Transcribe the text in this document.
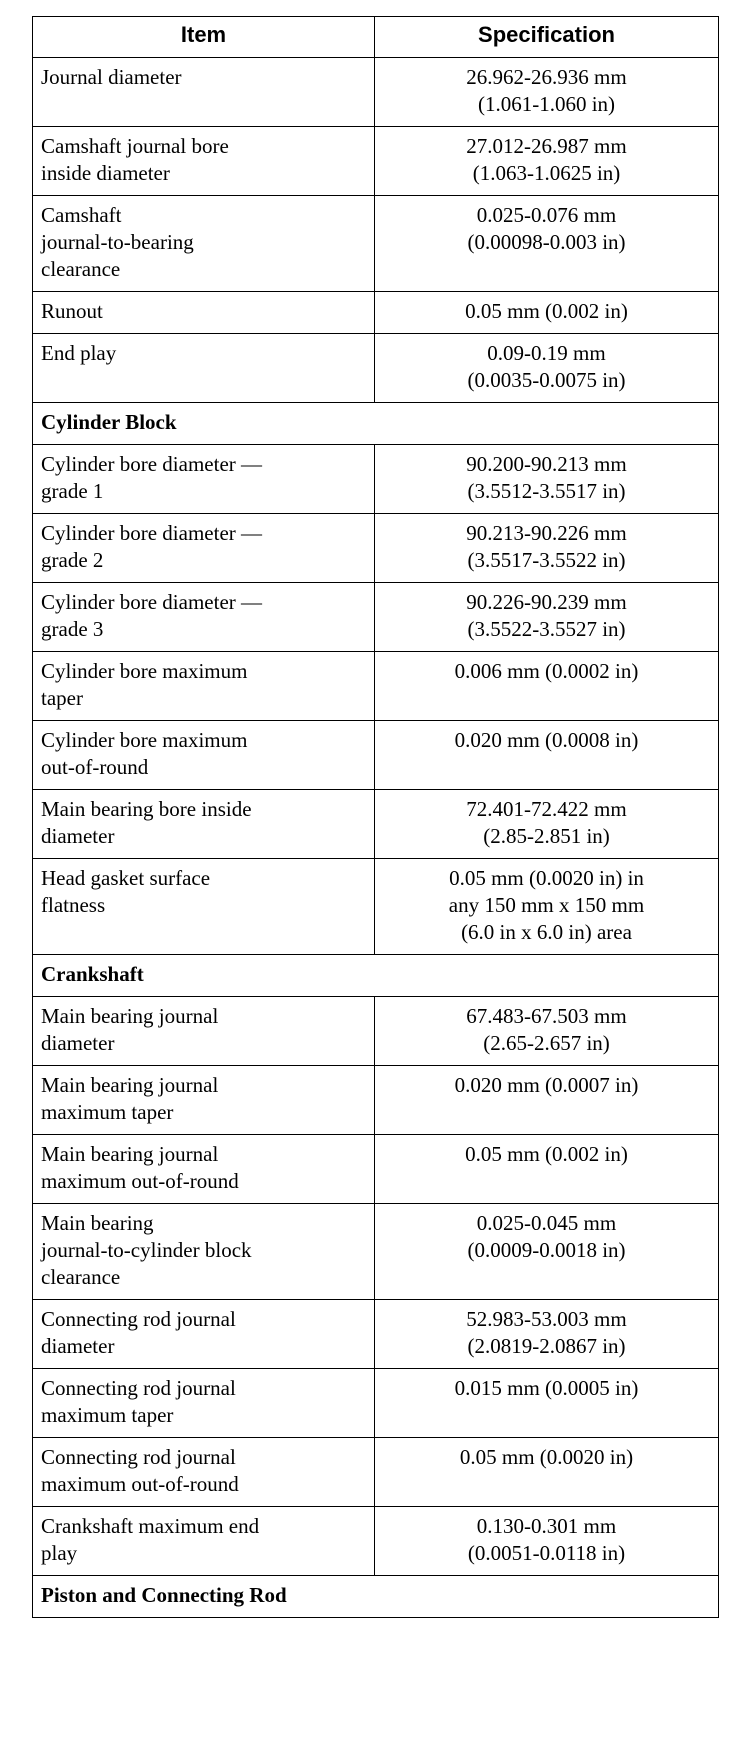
Item	Specification

Journal diameter	26.962-26.936 mm
(1.061-1.060 in)

Camshaft journal bore
inside diameter	27.012-26.987 mm
(1.063-1.0625 in)

Camshaft
journal-to-bearing
clearance	0.025-0.076 mm
(0.00098-0.003 in)

Runout	0.05 mm (0.002 in)

End play	0.09-0.19 mm
(0.0035-0.0075 in)

Cylinder Block	

Cylinder bore diameter —
grade 1	90.200-90.213 mm
(3.5512-3.5517 in)

Cylinder bore diameter —
grade 2	90.213-90.226 mm
(3.5517-3.5522 in)

Cylinder bore diameter —
grade 3	90.226-90.239 mm
(3.5522-3.5527 in)

Cylinder bore maximum
taper	0.006 mm (0.0002 in)

Cylinder bore maximum
out-of-round	0.020 mm (0.0008 in)

Main bearing bore inside
diameter	72.401-72.422 mm
(2.85-2.851 in)

Head gasket surface
flatness	0.05 mm (0.0020 in) in
any 150 mm x 150 mm
(6.0 in x 6.0 in) area

Crankshaft	

Main bearing journal
diameter	67.483-67.503 mm
(2.65-2.657 in)

Main bearing journal
maximum taper	0.020 mm (0.0007 in)

Main bearing journal
maximum out-of-round	0.05 mm (0.002 in)

Main bearing
journal-to-cylinder block
clearance	0.025-0.045 mm
(0.0009-0.0018 in)

Connecting rod journal
diameter	52.983-53.003 mm
(2.0819-2.0867 in)

Connecting rod journal
maximum taper	0.015 mm (0.0005 in)

Connecting rod journal
maximum out-of-round	0.05 mm (0.0020 in)

Crankshaft maximum end
play	0.130-0.301 mm
(0.0051-0.0118 in)

Piston and Connecting Rod	
